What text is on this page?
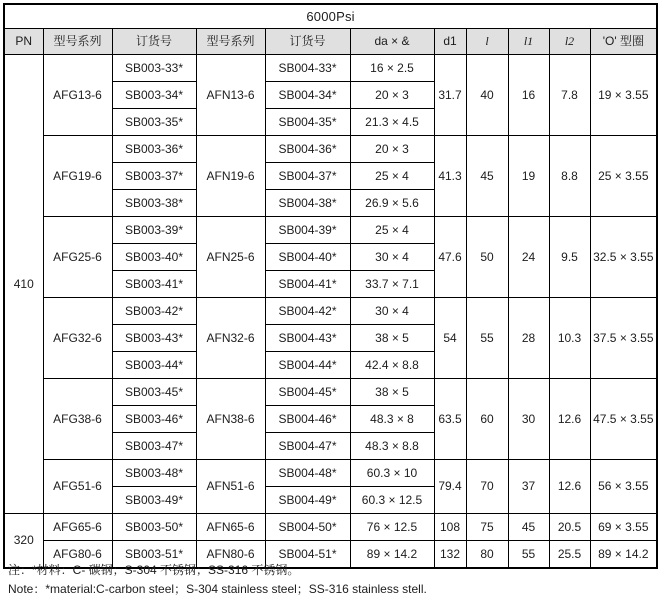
6000Psi										
PN	型号系列	订货号	型号系列	订货号	da × &	d1	l	l1	l2	'O' 型圈
410	AFG13-6	SB003-33*	AFN13-6	SB004-33*	16 × 2.5	31.7	40	16	7.8	19 × 3.55
		SB003-34*		SB004-34*	20 × 3					
		SB003-35*		SB004-35*	21.3 × 4.5					
	AFG19-6	SB003-36*	AFN19-6	SB004-36*	20 × 3	41.3	45	19	8.8	25 × 3.55
		SB003-37*		SB004-37*	25 × 4					
		SB003-38*		SB004-38*	26.9 × 5.6					
	AFG25-6	SB003-39*	AFN25-6	SB004-39*	25 × 4	47.6	50	24	9.5	32.5 × 3.55
		SB003-40*		SB004-40*	30 × 4					
		SB003-41*		SB004-41*	33.7 × 7.1					
	AFG32-6	SB003-42*	AFN32-6	SB004-42*	30 × 4	54	55	28	10.3	37.5 × 3.55
		SB003-43*		SB004-43*	38 × 5					
		SB003-44*		SB004-44*	42.4 × 8.8					
	AFG38-6	SB003-45*	AFN38-6	SB004-45*	38 × 5	63.5	60	30	12.6	47.5 × 3.55
		SB003-46*		SB004-46*	48.3 × 8					
		SB003-47*		SB004-47*	48.3 × 8.8					
	AFG51-6	SB003-48*	AFN51-6	SB004-48*	60.3 × 10	79.4	70	37	12.6	56 × 3.55
		SB003-49*		SB004-49*	60.3 × 12.5					
320	AFG65-6	SB003-50*	AFN65-6	SB004-50*	76 × 12.5	108	75	45	20.5	69 × 3.55
	AFG80-6	SB003-51*	AFN80-6	SB004-51*	89 × 14.2	132	80	55	25.5	89 × 14.2
注：*材料：C- 碳钢；S-304 不锈钢；SS-316 不锈钢。
Note：*material:C-carbon steel；S-304 stainless steel；SS-316 stainless stell.
